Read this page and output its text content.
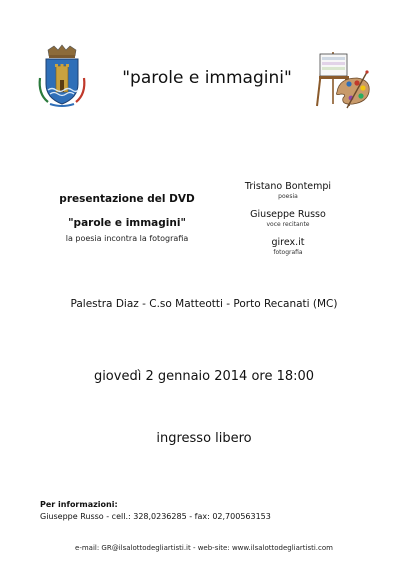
"parole e immagini"
presentazione del DVD
"parole e immagini"
la poesia incontra la fotografia
Tristano Bontempi
poesia
Giuseppe Russo
voce recitante
girex.it
fotografia
Palestra Diaz - C.so Matteotti - Porto Recanati (MC)
giovedì 2 gennaio 2014 ore 18:00
ingresso libero
Per informazioni:
Giuseppe Russo - cell.: 328,0236285 - fax: 02,700563153
e-mail: GR@ilsalottodegliartisti.it - web-site: www.ilsalottodegliartisti.com
